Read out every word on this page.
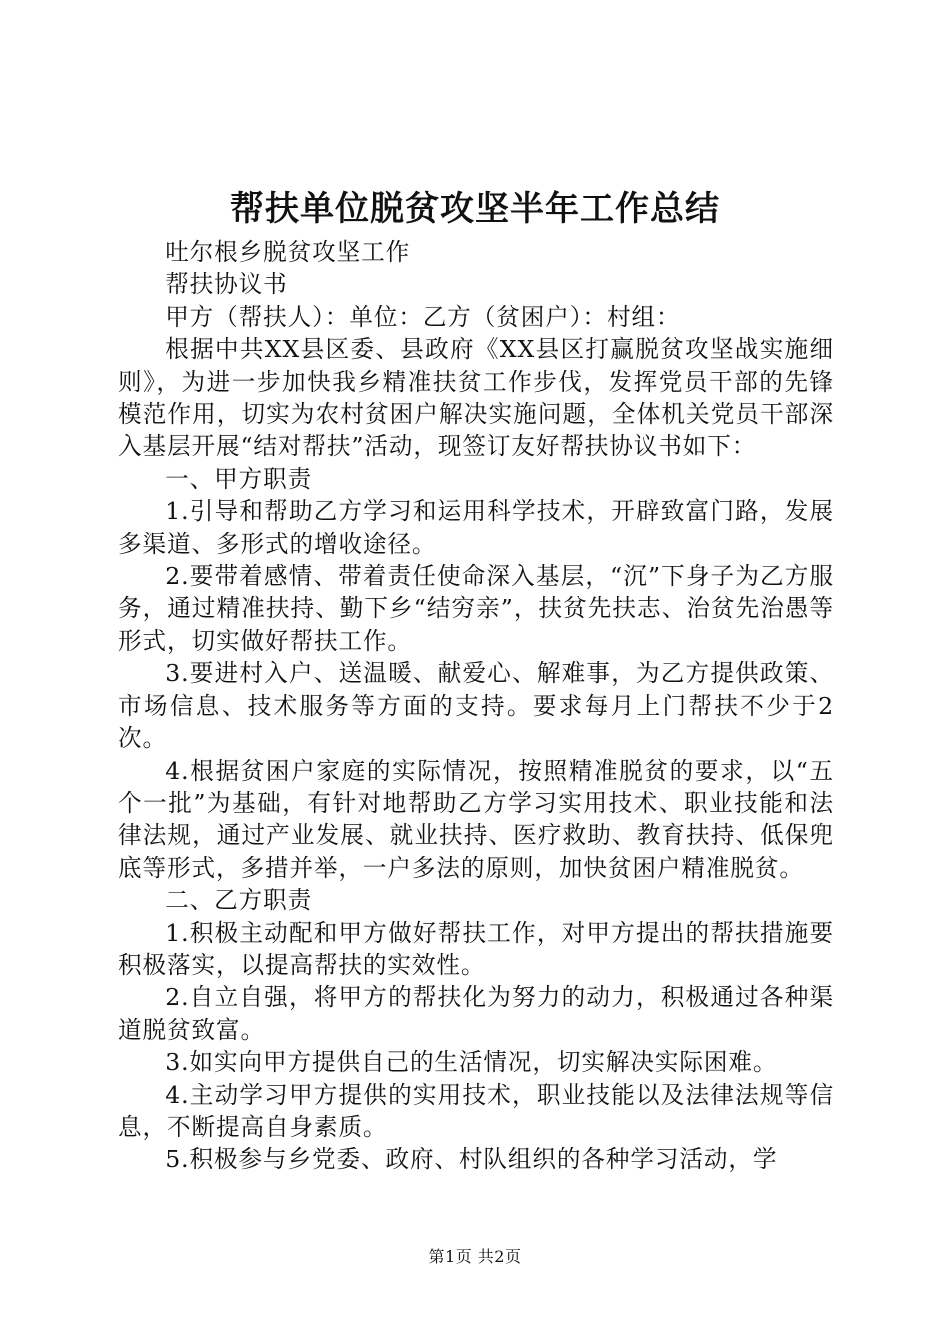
帮扶单位脱贫攻坚半年工作总结

吐尔根乡脱贫攻坚工作

帮扶协议书

甲方（帮扶人）：单位：乙方（贫困户）：村组：

根据中共XX县区委、县政府《XX县区打赢脱贫攻坚战实施细则》，为进一步加快我乡精准扶贫工作步伐，发挥党员干部的先锋模范作用，切实为农村贫困户解决实施问题，全体机关党员干部深入基层开展“结对帮扶”活动，现签订友好帮扶协议书如下：

一、甲方职责

1.引导和帮助乙方学习和运用科学技术，开辟致富门路，发展多渠道、多形式的增收途径。

2.要带着感情、带着责任使命深入基层，“沉”下身子为乙方服务，通过精准扶持、勤下乡“结穷亲”，扶贫先扶志、治贫先治愚等形式，切实做好帮扶工作。

3.要进村入户、送温暖、献爱心、解难事，为乙方提供政策、市场信息、技术服务等方面的支持。要求每月上门帮扶不少于2次。

4.根据贫困户家庭的实际情况，按照精准脱贫的要求，以“五个一批”为基础，有针对地帮助乙方学习实用技术、职业技能和法律法规，通过产业发展、就业扶持、医疗救助、教育扶持、低保兜底等形式，多措并举，一户多法的原则，加快贫困户精准脱贫。

二、乙方职责

1.积极主动配和甲方做好帮扶工作，对甲方提出的帮扶措施要积极落实，以提高帮扶的实效性。

2.自立自强，将甲方的帮扶化为努力的动力，积极通过各种渠道脱贫致富。

3.如实向甲方提供自己的生活情况，切实解决实际困难。

4.主动学习甲方提供的实用技术，职业技能以及法律法规等信息，不断提高自身素质。

5.积极参与乡党委、政府、村队组织的各种学习活动，学

第1页 共2页
